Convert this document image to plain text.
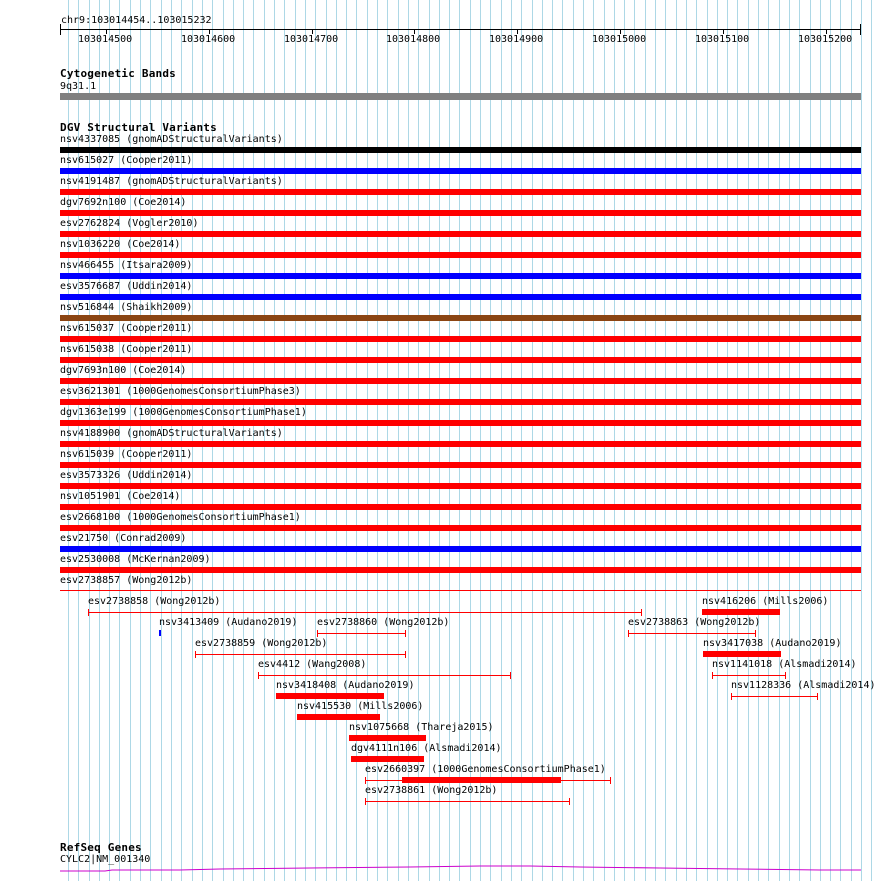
chr9:103014454..103015232
103014500	103014600	103014700	103014800	103014900	103015000	103015100	103015200
Cytogenetic Bands
9q31.1
DGV Structural Variants
nsv4337085 (gnomADStructuralVariants)
nsv615027 (Cooper2011)
nsv4191487 (gnomADStructuralVariants)
dgv7692n100 (Coe2014)
esv2762824 (Vogler2010)
nsv1036220 (Coe2014)
nsv466455 (Itsara2009)
esv3576687 (Uddin2014)
nsv516844 (Shaikh2009)
nsv615037 (Cooper2011)
nsv615038 (Cooper2011)
dgv7693n100 (Coe2014)
esv3621301 (1000GenomesConsortiumPhase3)
dgv1363e199 (1000GenomesConsortiumPhase1)
nsv4188900 (gnomADStructuralVariants)
nsv615039 (Cooper2011)
esv3573326 (Uddin2014)
nsv1051901 (Coe2014)
esv2668100 (1000GenomesConsortiumPhase1)
esv21750 (Conrad2009)
esv2530008 (McKernan2009)
esv2738857 (Wong2012b)
esv2738858 (Wong2012b)	nsv416206 (Mills2006)
nsv3413409 (Audano2019) esv2738860 (Wong2012b)	esv2738863 (Wong2012b)
esv2738859 (Wong2012b)	nsv3417038 (Audano2019)
esv4412 (Wang2008)	nsv1141018 (Alsmadi2014)
nsv3418408 (Audano2019)	nsv1128336 (Alsmadi2014)
nsv415530 (Mills2006)
nsv1075668 (Thareja2015)
dgv4111n106 (Alsmadi2014)
esv2660397 (1000GenomesConsortiumPhase1)
esv2738861 (Wong2012b)
RefSeq Genes
CYLC2|NM_001340
